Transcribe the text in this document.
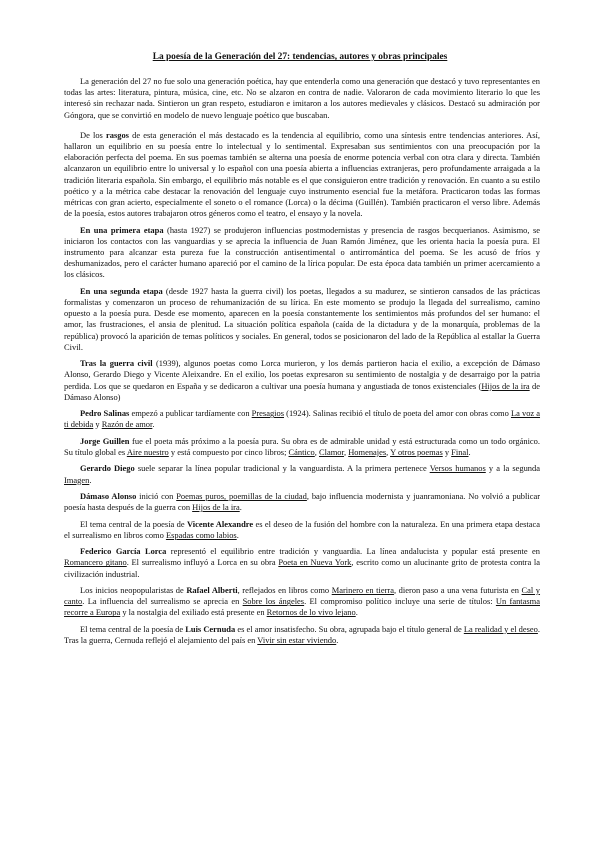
La poesía de la Generación del 27: tendencias, autores y obras principales

La generación del 27 no fue solo una generación poética, hay que entenderla como una generación que destacó y tuvo representantes en todas las artes: literatura, pintura, música, cine, etc. No se alzaron en contra de nadie. Valoraron de cada movimiento literario lo que les interesó sin rechazar nada. Sintieron un gran respeto, estudiaron e imitaron a los autores medievales y clásicos. Destacó su admiración por Góngora, que se convirtió en modelo de nuevo lenguaje poético que buscaban.

De los rasgos de esta generación el más destacado es la tendencia al equilibrio, como una síntesis entre tendencias anteriores. Así, hallaron un equilibrio en su poesía entre lo intelectual y lo sentimental. Expresaban sus sentimientos con una preocupación por la elaboración perfecta del poema. En sus poemas también se alterna una poesía de enorme potencia verbal con otra clara y directa. También alcanzaron un equilibrio entre lo universal y lo español con una poesía abierta a influencias extranjeras, pero profundamente arraigada a la tradición literaria española. Sin embargo, el equilibrio más notable es el que consiguieron entre tradición y renovación. En cuanto a su estilo poético y a la métrica cabe destacar la renovación del lenguaje cuyo instrumento esencial fue la metáfora. Practicaron todas las formas métricas con gran acierto, especialmente el soneto o el romance (Lorca) o la décima (Guillén). También practicaron el verso libre. Además de la poesía, estos autores trabajaron otros géneros como el teatro, el ensayo y la novela.

En una primera etapa (hasta 1927) se produjeron influencias postmodernistas y presencia de rasgos becquerianos. Asimismo, se iniciaron los contactos con las vanguardias y se aprecia la influencia de Juan Ramón Jiménez, que les orienta hacia la poesía pura. El instrumento para alcanzar esta pureza fue la construcción antisentimental o antirromántica del poema. Se les acusó de fríos y deshumanizados, pero el carácter humano apareció por el camino de la lírica popular. De esta época data también un primer acercamiento a los clásicos.

En una segunda etapa (desde 1927 hasta la guerra civil) los poetas, llegados a su madurez, se sintieron cansados de las prácticas formalistas y comenzaron un proceso de rehumanización de su lírica. En este momento se produjo la llegada del surrealismo, camino opuesto a la poesía pura. Desde ese momento, aparecen en la poesía constantemente los sentimientos más profundos del ser humano: el amor, las frustraciones, el ansia de plenitud. La situación política española (caída de la dictadura y de la monarquía, problemas de la república) provocó la aparición de temas políticos y sociales. En general, todos se posicionaron del lado de la República al estallar la Guerra Civil.

Tras la guerra civil (1939), algunos poetas como Lorca murieron, y los demás partieron hacia el exilio, a excepción de Dámaso Alonso, Gerardo Diego y Vicente Aleixandre. En el exilio, los poetas expresaron su sentimiento de nostalgia y de desarraigo por la patria perdida. Los que se quedaron en España y se dedicaron a cultivar una poesía humana y angustiada de tonos existenciales (Hijos de la ira de Dámaso Alonso)

Pedro Salinas empezó a publicar tardíamente con Presagios (1924). Salinas recibió el título de poeta del amor con obras como La voz a ti debida y Razón de amor.

Jorge Guillen fue el poeta más próximo a la poesía pura. Su obra es de admirable unidad y está estructurada como un todo orgánico. Su título global es Aire nuestro y está compuesto por cinco libros; Cántico, Clamor, Homenajes, Y otros poemas y Final.

Gerardo Diego suele separar la línea popular tradicional y la vanguardista. A la primera pertenece Versos humanos y a la segunda Imagen.

Dámaso Alonso inició con Poemas puros, poemillas de la ciudad, bajo influencia modernista y juanramoniana. No volvió a publicar poesía hasta después de la guerra con Hijos de la ira.

El tema central de la poesía de Vicente Alexandre es el deseo de la fusión del hombre con la naturaleza. En una primera etapa destaca el surrealismo en libros como Espadas como labios.

Federico García Lorca representó el equilibrio entre tradición y vanguardia. La línea andalucista y popular está presente en Romancero gitano. El surrealismo influyó a Lorca en su obra Poeta en Nueva York, escrito como un alucinante grito de protesta contra la civilización industrial.

Los inicios neopopularistas de Rafael Alberti, reflejados en libros como Marinero en tierra, dieron paso a una vena futurista en Cal y canto. La influencia del surrealismo se aprecia en Sobre los ángeles. El compromiso político incluye una serie de títulos: Un fantasma recorre a Europa y la nostalgia del exiliado está presente en Retornos de lo vivo lejano.

El tema central de la poesía de Luis Cernuda es el amor insatisfecho. Su obra, agrupada bajo el título general de La realidad y el deseo. Tras la guerra, Cernuda reflejó el alejamiento del país en Vivir sin estar viviendo.
